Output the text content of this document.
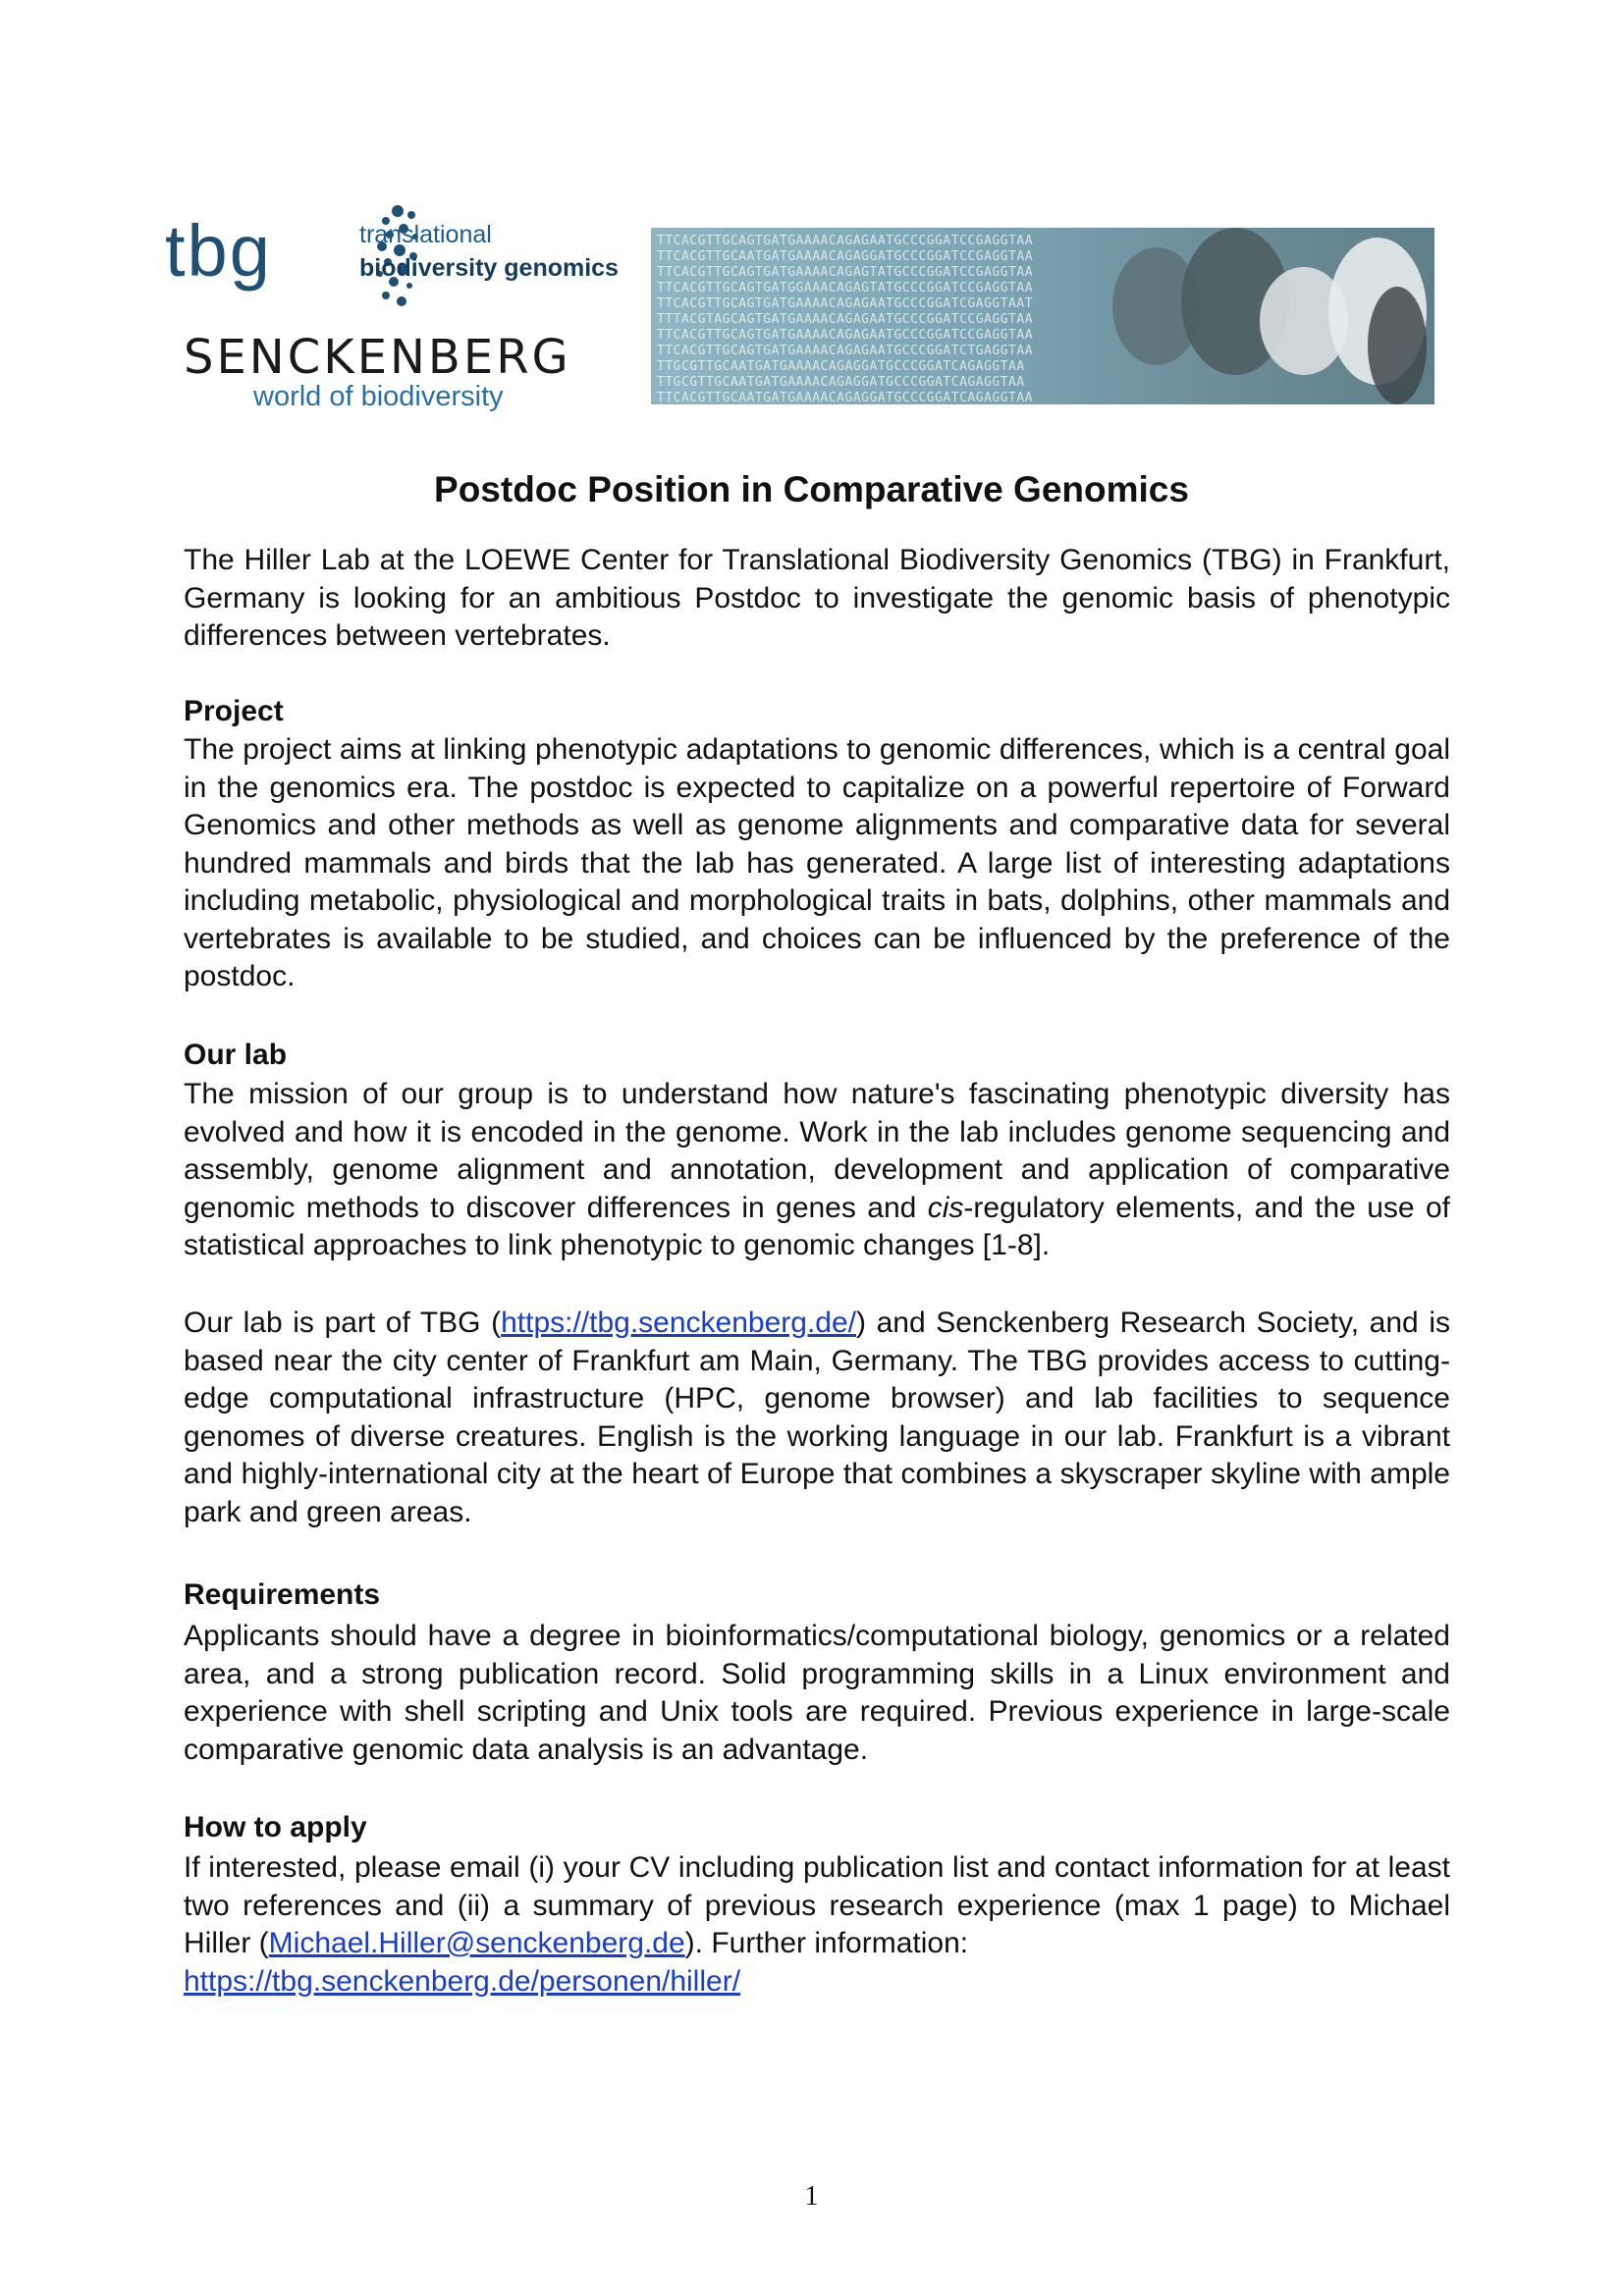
tbg	translational
biodiversity genomics
SENCKENBERG
world of biodiversity	TTCACGTTGCAATGATGAAAACAGAGGATGCCCGGATCAGAGGTAA
TTGCGTTGCAATGATGAAAACAGAGGATGCCCGGATCAGAGGTAA
TTGCGTTGCAATGATGAAAACAGAGGATGCCCGGATCAGAGGTAA
TTCACGTTGCAGTGATGAAAACAGAGAATGCCCGGATCTGAGGTAA
TTCACGTTGCAGTGATGAAAACAGAGAATGCCCGGATCCGAGGTAA
TTTACGTAGCAGTGATGAAAACAGAGAATGCCCGGATCCGAGGTAA
TTCACGTTGCAGTGATGAAAACAGAGAATGCCCGGATCGAGGTAAT
TTCACGTTGCAGTGATGGAAACAGAGTATGCCCGGATCCGAGGTAA
TTCACGTTGCAGTGATGAAAACAGAGTATGCCCGGATCCGAGGTAA
TTCACGTTGCAATGATGAAAACAGAGGATGCCCGGATCCGAGGTAA
TTCACGTTGCAGTGATGAAAACAGAGAATGCCCGGATCCGAGGTAA
Postdoc Position in Comparative Genomics
The Hiller Lab at the LOEWE Center for Translational Biodiversity Genomics (TBG) in Frankfurt, Germany is looking for an ambitious Postdoc to investigate the genomic basis of phenotypic differences between vertebrates.
Project
The project aims at linking phenotypic adaptations to genomic differences, which is a central goal in the genomics era. The postdoc is expected to capitalize on a powerful repertoire of Forward Genomics and other methods as well as genome alignments and comparative data for several hundred mammals and birds that the lab has generated. A large list of interesting adaptations including metabolic, physiological and morphological traits in bats, dolphins, other mammals and vertebrates is available to be studied, and choices can be influenced by the preference of the postdoc.
Our lab
The mission of our group is to understand how nature's fascinating phenotypic diversity has evolved and how it is encoded in the genome. Work in the lab includes genome sequencing and assembly, genome alignment and annotation, development and application of comparative genomic methods to discover differences in genes and cis-regulatory elements, and the use of statistical approaches to link phenotypic to genomic changes [1-8].
Our lab is part of TBG (https://tbg.senckenberg.de/) and Senckenberg Research Society, and is based near the city center of Frankfurt am Main, Germany. The TBG provides access to cutting-edge computational infrastructure (HPC, genome browser) and lab facilities to sequence genomes of diverse creatures. English is the working language in our lab. Frankfurt is a vibrant and highly-international city at the heart of Europe that combines a skyscraper skyline with ample park and green areas.
Requirements
Applicants should have a degree in bioinformatics/computational biology, genomics or a related area, and a strong publication record. Solid programming skills in a Linux environment and experience with shell scripting and Unix tools are required. Previous experience in large-scale comparative genomic data analysis is an advantage.
How to apply
If interested, please email (i) your CV including publication list and contact information for at least two references and (ii) a summary of previous research experience (max 1 page) to Michael Hiller (Michael.Hiller@senckenberg.de). Further information:
https://tbg.senckenberg.de/personen/hiller/
1
